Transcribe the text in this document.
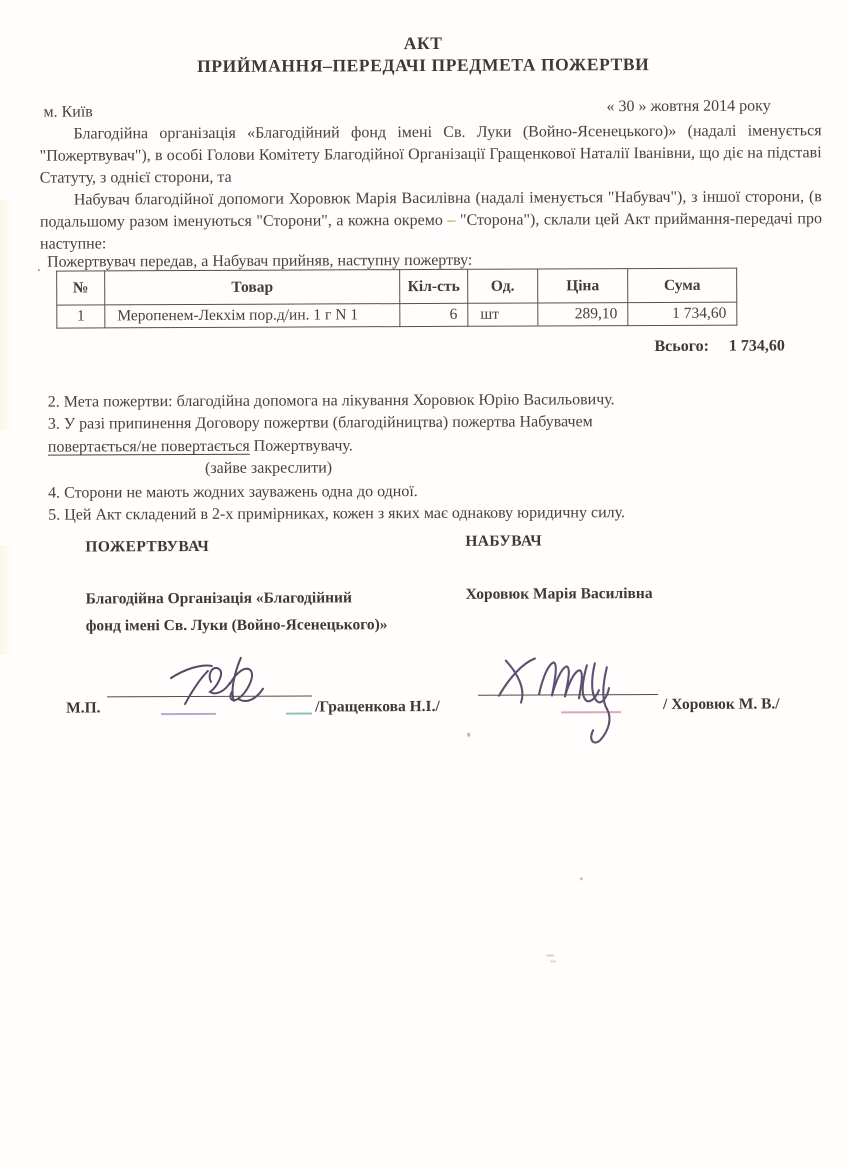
АКТ
ПРИЙМАННЯ–ПЕРЕДАЧІ ПРЕДМЕТА ПОЖЕРТВИ
м. Київ	« 30 » жовтня 2014 року
Благодійна організація «Благодійний фонд імені Св. Луки (Войно-Ясенецького)» (надалі іменується "Пожертвувач"), в особі Голови Комітету Благодійної Організації Гращенкової Наталії Іванівни, що діє на підставі Статуту, з однієї сторони, та

Набувач благодійної допомоги Хоровюк Марія Василівна (надалі іменується "Набувач"), з іншої сторони, (в подальшому разом іменуються "Сторони", а кожна окремо – "Сторона"), склали цей Акт приймання-передачі про наступне:

Пожертвувач передав, а Набувач прийняв, наступну пожертву:
.
№	Товар	Кіл-сть	Од.	Ціна	Сума
1	Меропенем-Лекхім пор.д/ин. 1 г N 1	6	шт	289,10	1 734,60
Всього: 1 734,60
2. Мета пожертви: благодійна допомога на лікування Хоровюк Юрію Васильовичу.
3. У разі припинення Договору пожертви (благодійництва) пожертва Набувачем
повертається/не повертається Пожертвувачу.
(зайве закреслити)
4. Сторони не мають жодних зауважень одна до одної.
5. Цей Акт складений в 2-х примірниках, кожен з яких має однакову юридичну силу.
ПОЖЕРТВУВАЧ	НАБУВАЧ
Благодійна Організація «Благодійний
фонд імені Св. Луки (Войно-Ясенецького)»
Хоровюк Марія Василівна
М.П.	/Гращенкова Н.І./	/ Хоровюк М. В./
